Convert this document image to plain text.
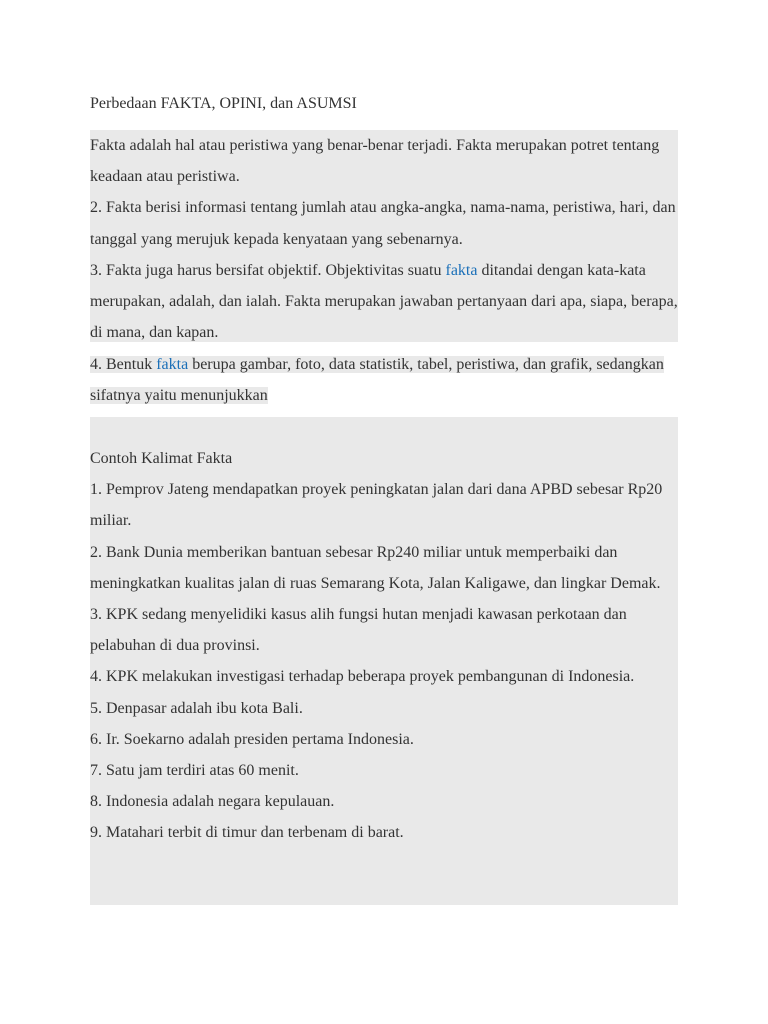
Perbedaan FAKTA, OPINI, dan ASUMSI

Fakta adalah hal atau peristiwa yang benar-benar terjadi. Fakta merupakan potret tentang keadaan atau peristiwa.

2. Fakta berisi informasi tentang jumlah atau angka-angka, nama-nama, peristiwa, hari, dan tanggal yang merujuk kepada kenyataan yang sebenarnya.

3. Fakta juga harus bersifat objektif. Objektivitas suatu fakta ditandai dengan kata-kata merupakan, adalah, dan ialah. Fakta merupakan jawaban pertanyaan dari apa, siapa, berapa, di mana, dan kapan.

4. Bentuk fakta berupa gambar, foto, data statistik, tabel, peristiwa, dan grafik, sedangkan sifatnya yaitu menunjukkan

Contoh Kalimat Fakta

1. Pemprov Jateng mendapatkan proyek peningkatan jalan dari dana APBD sebesar Rp20 miliar.

2. Bank Dunia memberikan bantuan sebesar Rp240 miliar untuk memperbaiki dan meningkatkan kualitas jalan di ruas Semarang Kota, Jalan Kaligawe, dan lingkar Demak.

3. KPK sedang menyelidiki kasus alih fungsi hutan menjadi kawasan perkotaan dan pelabuhan di dua provinsi.

4. KPK melakukan investigasi terhadap beberapa proyek pembangunan di Indonesia.

5. Denpasar adalah ibu kota Bali.

6. Ir. Soekarno adalah presiden pertama Indonesia.

7. Satu jam terdiri atas 60 menit.

8. Indonesia adalah negara kepulauan.

9. Matahari terbit di timur dan terbenam di barat.
